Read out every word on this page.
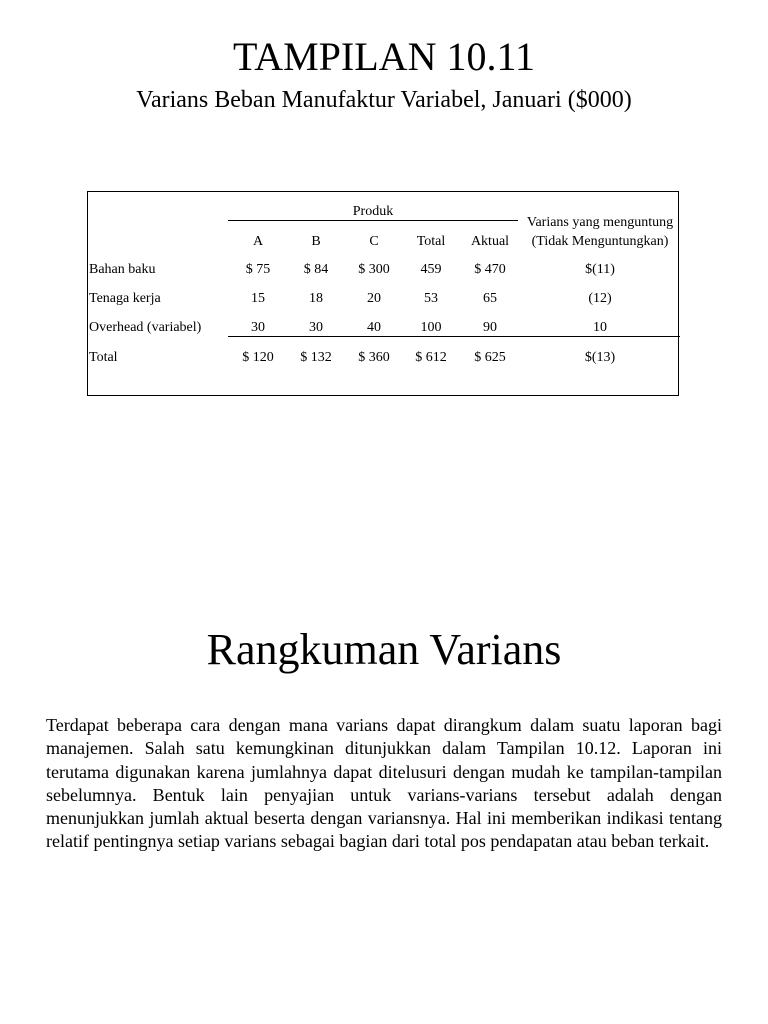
TAMPILAN 10.11
Varians Beban Manufaktur Variabel, Januari ($000)
Produk
Varians yang menguntung
(Tidak Menguntungkan)
A	B	C	Total	Aktual
Bahan baku	$ 75	$ 84	$ 300	459	$ 470	$(11)
Tenaga kerja	15	18	20	53	65	(12)
Overhead (variabel)	30	30	40	100	90	10
Total	$ 120	$ 132	$ 360	$ 612	$ 625	$(13)
Rangkuman Varians

Terdapat beberapa cara dengan mana varians dapat dirangkum dalam suatu laporan bagi manajemen. Salah satu kemungkinan ditunjukkan dalam Tampilan 10.12. Laporan ini terutama digunakan karena jumlahnya dapat ditelusuri dengan mudah ke tampilan-tampilan sebelumnya. Bentuk lain penyajian untuk varians-varians tersebut adalah dengan menunjukkan jumlah aktual beserta dengan variansnya. Hal ini memberikan indikasi tentang relatif pentingnya setiap varians sebagai bagian dari total pos pendapatan atau beban terkait.
